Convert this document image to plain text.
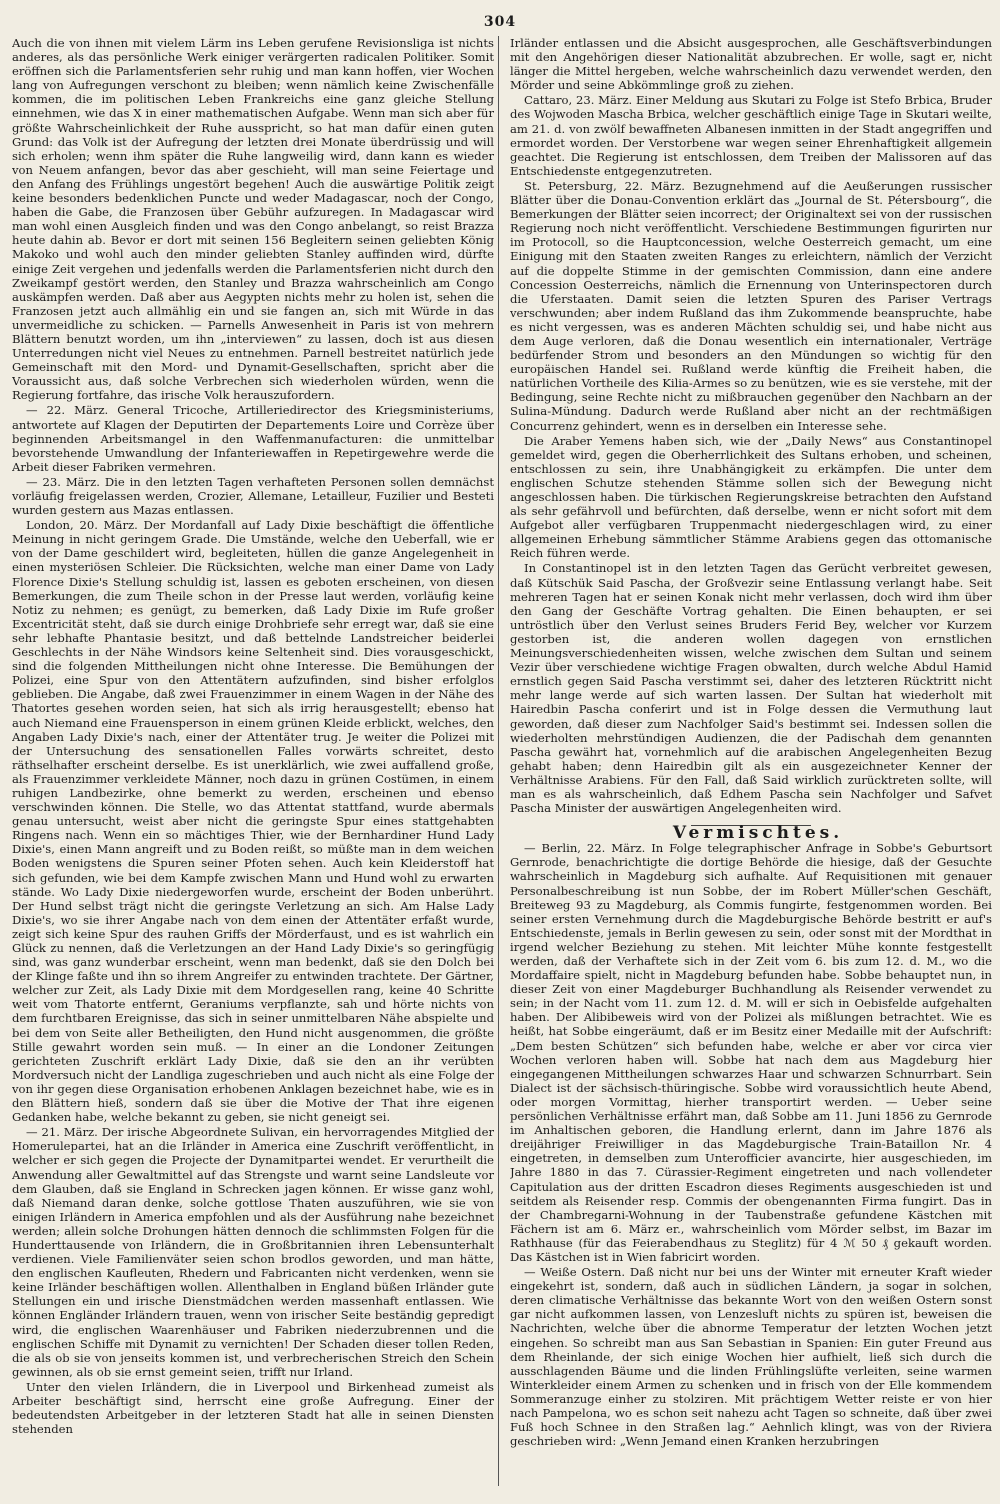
304

Auch die von ihnen mit vielem Lärm ins Leben gerufene Revisionsliga ist nichts anderes, als das persönliche Werk einiger verärgerten radicalen Politiker. Somit eröffnen sich die Parlamentsferien sehr ruhig und man kann hoffen, vier Wochen lang von Aufregungen verschont zu bleiben; wenn nämlich keine Zwischenfälle kommen, die im politischen Leben Frankreichs eine ganz gleiche Stellung einnehmen, wie das X in einer mathematischen Aufgabe. Wenn man sich aber für größte Wahrscheinlichkeit der Ruhe ausspricht, so hat man dafür einen guten Grund: das Volk ist der Aufregung der letzten drei Monate überdrüssig und will sich erholen; wenn ihm später die Ruhe langweilig wird, dann kann es wieder von Neuem anfangen, bevor das aber geschieht, will man seine Feiertage und den Anfang des Frühlings ungestört begehen! Auch die auswärtige Politik zeigt keine besonders bedenklichen Puncte und weder Madagascar, noch der Congo, haben die Gabe, die Franzosen über Gebühr aufzuregen. In Madagascar wird man wohl einen Ausgleich finden und was den Congo anbelangt, so reist Brazza heute dahin ab. Bevor er dort mit seinen 156 Begleitern seinen geliebten König Makoko und wohl auch den minder geliebten Stanley auffinden wird, dürfte einige Zeit vergehen und jedenfalls werden die Parlamentsferien nicht durch den Zweikampf gestört werden, den Stanley und Brazza wahrscheinlich am Congo auskämpfen werden. Daß aber aus Aegypten nichts mehr zu holen ist, sehen die Franzosen jetzt auch allmählig ein und sie fangen an, sich mit Würde in das unvermeidliche zu schicken. — Parnells Anwesenheit in Paris ist von mehrern Blättern benutzt worden, um ihn „interviewen“ zu lassen, doch ist aus diesen Unterredungen nicht viel Neues zu entnehmen. Parnell bestreitet natürlich jede Gemeinschaft mit den Mord- und Dynamit-Gesellschaften, spricht aber die Voraussicht aus, daß solche Verbrechen sich wiederholen würden, wenn die Regierung fortfahre, das irische Volk herauszufordern.

— 22. März. General Tricoche, Artilleriedirector des Kriegsministeriums, antwortete auf Klagen der Deputirten der Departements Loire und Corrèze über beginnenden Arbeitsmangel in den Waffenmanufacturen: die unmittelbar bevorstehende Umwandlung der Infanteriewaffen in Repetirgewehre werde die Arbeit dieser Fabriken vermehren.

— 23. März. Die in den letzten Tagen verhafteten Personen sollen demnächst vorläufig freigelassen werden, Crozier, Allemane, Letailleur, Fuzilier und Besteti wurden gestern aus Mazas entlassen.

London, 20. März. Der Mordanfall auf Lady Dixie beschäftigt die öffentliche Meinung in nicht geringem Grade. Die Umstände, welche den Ueberfall, wie er von der Dame geschildert wird, begleiteten, hüllen die ganze Angelegenheit in einen mysteriösen Schleier. Die Rücksichten, welche man einer Dame von Lady Florence Dixie's Stellung schuldig ist, lassen es geboten erscheinen, von diesen Bemerkungen, die zum Theile schon in der Presse laut werden, vorläufig keine Notiz zu nehmen; es genügt, zu bemerken, daß Lady Dixie im Rufe großer Excentricität steht, daß sie durch einige Drohbriefe sehr erregt war, daß sie eine sehr lebhafte Phantasie besitzt, und daß bettelnde Landstreicher beiderlei Geschlechts in der Nähe Windsors keine Seltenheit sind. Dies vorausgeschickt, sind die folgenden Mittheilungen nicht ohne Interesse. Die Bemühungen der Polizei, eine Spur von den Attentätern aufzufinden, sind bisher erfolglos geblieben. Die Angabe, daß zwei Frauenzimmer in einem Wagen in der Nähe des Thatortes gesehen worden seien, hat sich als irrig herausgestellt; ebenso hat auch Niemand eine Frauensperson in einem grünen Kleide erblickt, welches, den Angaben Lady Dixie's nach, einer der Attentäter trug. Je weiter die Polizei mit der Untersuchung des sensationellen Falles vorwärts schreitet, desto räthselhafter erscheint derselbe. Es ist unerklärlich, wie zwei auffallend große, als Frauenzimmer verkleidete Männer, noch dazu in grünen Costümen, in einem ruhigen Landbezirke, ohne bemerkt zu werden, erscheinen und ebenso verschwinden können. Die Stelle, wo das Attentat stattfand, wurde abermals genau untersucht, weist aber nicht die geringste Spur eines stattgehabten Ringens nach. Wenn ein so mächtiges Thier, wie der Bernhardiner Hund Lady Dixie's, einen Mann angreift und zu Boden reißt, so müßte man in dem weichen Boden wenigstens die Spuren seiner Pfoten sehen. Auch kein Kleiderstoff hat sich gefunden, wie bei dem Kampfe zwischen Mann und Hund wohl zu erwarten stände. Wo Lady Dixie niedergeworfen wurde, erscheint der Boden unberührt. Der Hund selbst trägt nicht die geringste Verletzung an sich. Am Halse Lady Dixie's, wo sie ihrer Angabe nach von dem einen der Attentäter erfaßt wurde, zeigt sich keine Spur des rauhen Griffs der Mörderfaust, und es ist wahrlich ein Glück zu nennen, daß die Verletzungen an der Hand Lady Dixie's so geringfügig sind, was ganz wunderbar erscheint, wenn man bedenkt, daß sie den Dolch bei der Klinge faßte und ihn so ihrem Angreifer zu entwinden trachtete. Der Gärtner, welcher zur Zeit, als Lady Dixie mit dem Mordgesellen rang, keine 40 Schritte weit vom Thatorte entfernt, Geraniums verpflanzte, sah und hörte nichts von dem furchtbaren Ereignisse, das sich in seiner unmittelbaren Nähe abspielte und bei dem von Seite aller Betheiligten, den Hund nicht ausgenommen, die größte Stille gewahrt worden sein muß. — In einer an die Londoner Zeitungen gerichteten Zuschrift erklärt Lady Dixie, daß sie den an ihr verübten Mordversuch nicht der Landliga zugeschrieben und auch nicht als eine Folge der von ihr gegen diese Organisation erhobenen Anklagen bezeichnet habe, wie es in den Blättern hieß, sondern daß sie über die Motive der That ihre eigenen Gedanken habe, welche bekannt zu geben, sie nicht geneigt sei.

— 21. März. Der irische Abgeordnete Sulivan, ein hervorragendes Mitglied der Homerulepartei, hat an die Irländer in America eine Zuschrift veröffentlicht, in welcher er sich gegen die Projecte der Dynamitpartei wendet. Er verurtheilt die Anwendung aller Gewaltmittel auf das Strengste und warnt seine Landsleute vor dem Glauben, daß sie England in Schrecken jagen können. Er wisse ganz wohl, daß Niemand daran denke, solche gottlose Thaten auszuführen, wie sie von einigen Irländern in America empfohlen und als der Ausführung nahe bezeichnet werden; allein solche Drohungen hätten dennoch die schlimmsten Folgen für die Hunderttausende von Irländern, die in Großbritannien ihren Lebensunterhalt verdienen. Viele Familienväter seien schon brodlos geworden, und man hätte, den englischen Kaufleuten, Rhedern und Fabricanten nicht verdenken, wenn sie keine Irländer beschäftigen wollen. Allenthalben in England büßen Irländer gute Stellungen ein und irische Dienstmädchen werden massenhaft entlassen. Wie können Engländer Irländern trauen, wenn von irischer Seite beständig gepredigt wird, die englischen Waarenhäuser und Fabriken niederzubrennen und die englischen Schiffe mit Dynamit zu vernichten! Der Schaden dieser tollen Reden, die als ob sie von jenseits kommen ist, und verbrecherischen Streich den Schein gewinnen, als ob sie ernst gemeint seien, trifft nur Irland.

Unter den vielen Irländern, die in Liverpool und Birkenhead zumeist als Arbeiter beschäftigt sind, herrscht eine große Aufregung. Einer der bedeutendsten Arbeitgeber in der letzteren Stadt hat alle in seinen Diensten stehenden

Irländer entlassen und die Absicht ausgesprochen, alle Geschäftsverbindungen mit den Angehörigen dieser Nationalität abzubrechen. Er wolle, sagt er, nicht länger die Mittel hergeben, welche wahrscheinlich dazu verwendet werden, den Mörder und seine Abkömmlinge groß zu ziehen.

Cattaro, 23. März. Einer Meldung aus Skutari zu Folge ist Stefo Brbica, Bruder des Wojwoden Mascha Brbica, welcher geschäftlich einige Tage in Skutari weilte, am 21. d. von zwölf bewaffneten Albanesen inmitten in der Stadt angegriffen und ermordet worden. Der Verstorbene war wegen seiner Ehrenhaftigkeit allgemein geachtet. Die Regierung ist entschlossen, dem Treiben der Malissoren auf das Entschiedenste entgegenzutreten.

St. Petersburg, 22. März. Bezugnehmend auf die Aeußerungen russischer Blätter über die Donau-Convention erklärt das „Journal de St. Pétersbourg“, die Bemerkungen der Blätter seien incorrect; der Originaltext sei von der russischen Regierung noch nicht veröffentlicht. Verschiedene Bestimmungen figurirten nur im Protocoll, so die Hauptconcession, welche Oesterreich gemacht, um eine Einigung mit den Staaten zweiten Ranges zu erleichtern, nämlich der Verzicht auf die doppelte Stimme in der gemischten Commission, dann eine andere Concession Oesterreichs, nämlich die Ernennung von Unterinspectoren durch die Uferstaaten. Damit seien die letzten Spuren des Pariser Vertrags verschwunden; aber indem Rußland das ihm Zukommende beanspruchte, habe es nicht vergessen, was es anderen Mächten schuldig sei, und habe nicht aus dem Auge verloren, daß die Donau wesentlich ein internationaler, Verträge bedürfender Strom und besonders an den Mündungen so wichtig für den europäischen Handel sei. Rußland werde künftig die Freiheit haben, die natürlichen Vortheile des Kilia-Armes so zu benützen, wie es sie verstehe, mit der Bedingung, seine Rechte nicht zu mißbrauchen gegenüber den Nachbarn an der Sulina-Mündung. Dadurch werde Rußland aber nicht an der rechtmäßigen Concurrenz gehindert, wenn es in derselben ein Interesse sehe.

Die Araber Yemens haben sich, wie der „Daily News“ aus Constantinopel gemeldet wird, gegen die Oberherrlichkeit des Sultans erhoben, und scheinen, entschlossen zu sein, ihre Unabhängigkeit zu erkämpfen. Die unter dem englischen Schutze stehenden Stämme sollen sich der Bewegung nicht angeschlossen haben. Die türkischen Regierungskreise betrachten den Aufstand als sehr gefährvoll und befürchten, daß derselbe, wenn er nicht sofort mit dem Aufgebot aller verfügbaren Truppenmacht niedergeschlagen wird, zu einer allgemeinen Erhebung sämmtlicher Stämme Arabiens gegen das ottomanische Reich führen werde.

In Constantinopel ist in den letzten Tagen das Gerücht verbreitet gewesen, daß Kütschük Said Pascha, der Großvezir seine Entlassung verlangt habe. Seit mehreren Tagen hat er seinen Konak nicht mehr verlassen, doch wird ihm über den Gang der Geschäfte Vortrag gehalten. Die Einen behaupten, er sei untröstlich über den Verlust seines Bruders Ferid Bey, welcher vor Kurzem gestorben ist, die anderen wollen dagegen von ernstlichen Meinungsverschiedenheiten wissen, welche zwischen dem Sultan und seinem Vezir über verschiedene wichtige Fragen obwalten, durch welche Abdul Hamid ernstlich gegen Said Pascha verstimmt sei, daher des letzteren Rücktritt nicht mehr lange werde auf sich warten lassen. Der Sultan hat wiederholt mit Hairedbin Pascha conferirt und ist in Folge dessen die Vermuthung laut geworden, daß dieser zum Nachfolger Said's bestimmt sei. Indessen sollen die wiederholten mehrstündigen Audienzen, die der Padischah dem genannten Pascha gewährt hat, vornehmlich auf die arabischen Angelegenheiten Bezug gehabt haben; denn Hairedbin gilt als ein ausgezeichneter Kenner der Verhältnisse Arabiens. Für den Fall, daß Said wirklich zurücktreten sollte, will man es als wahrscheinlich, daß Edhem Pascha sein Nachfolger und Safvet Pascha Minister der auswärtigen Angelegenheiten wird.

Vermischtes.

— Berlin, 22. März. In Folge telegraphischer Anfrage in Sobbe's Geburtsort Gernrode, benachrichtigte die dortige Behörde die hiesige, daß der Gesuchte wahrscheinlich in Magdeburg sich aufhalte. Auf Requisitionen mit genauer Personalbeschreibung ist nun Sobbe, der im Robert Müller'schen Geschäft, Breiteweg 93 zu Magdeburg, als Commis fungirte, festgenommen worden. Bei seiner ersten Vernehmung durch die Magdeburgische Behörde bestritt er auf's Entschiedenste, jemals in Berlin gewesen zu sein, oder sonst mit der Mordthat in irgend welcher Beziehung zu stehen. Mit leichter Mühe konnte festgestellt werden, daß der Verhaftete sich in der Zeit vom 6. bis zum 12. d. M., wo die Mordaffaire spielt, nicht in Magdeburg befunden habe. Sobbe behauptet nun, in dieser Zeit von einer Magdeburger Buchhandlung als Reisender verwendet zu sein; in der Nacht vom 11. zum 12. d. M. will er sich in Oebisfelde aufgehalten haben. Der Alibibeweis wird von der Polizei als mißlungen betrachtet. Wie es heißt, hat Sobbe eingeräumt, daß er im Besitz einer Medaille mit der Aufschrift: „Dem besten Schützen“ sich befunden habe, welche er aber vor circa vier Wochen verloren haben will. Sobbe hat nach dem aus Magdeburg hier eingegangenen Mittheilungen schwarzes Haar und schwarzen Schnurrbart. Sein Dialect ist der sächsisch-thüringische. Sobbe wird voraussichtlich heute Abend, oder morgen Vormittag, hierher transportirt werden. — Ueber seine persönlichen Verhältnisse erfährt man, daß Sobbe am 11. Juni 1856 zu Gernrode im Anhaltischen geboren, die Handlung erlernt, dann im Jahre 1876 als dreijähriger Freiwilliger in das Magdeburgische Train-Bataillon Nr. 4 eingetreten, in demselben zum Unterofficier avancirte, hier ausgeschieden, im Jahre 1880 in das 7. Cürassier-Regiment eingetreten und nach vollendeter Capitulation aus der dritten Escadron dieses Regiments ausgeschieden ist und seitdem als Reisender resp. Commis der obengenannten Firma fungirt. Das in der Chambregarni-Wohnung in der Taubenstraße gefundene Kästchen mit Fächern ist am 6. März er., wahrscheinlich vom Mörder selbst, im Bazar im Rathhause (für das Feierabendhaus zu Steglitz) für 4 ℳ 50 ₰ gekauft worden. Das Kästchen ist in Wien fabricirt worden.

— Weiße Ostern. Daß nicht nur bei uns der Winter mit erneuter Kraft wieder eingekehrt ist, sondern, daß auch in südlichen Ländern, ja sogar in solchen, deren climatische Verhältnisse das bekannte Wort von den weißen Ostern sonst gar nicht aufkommen lassen, von Lenzesluft nichts zu spüren ist, beweisen die Nachrichten, welche über die abnorme Temperatur der letzten Wochen jetzt eingehen. So schreibt man aus San Sebastian in Spanien: Ein guter Freund aus dem Rheinlande, der sich einige Wochen hier aufhielt, ließ sich durch die ausschlagenden Bäume und die linden Frühlingslüfte verleiten, seine warmen Winterkleider einem Armen zu schenken und in frisch von der Elle kommendem Sommeranzuge einher zu stolziren. Mit prächtigem Wetter reiste er von hier nach Pampelona, wo es schon seit nahezu acht Tagen so schneite, daß über zwei Fuß hoch Schnee in den Straßen lag.“ Aehnlich klingt, was von der Riviera geschrieben wird: „Wenn Jemand einen Kranken herzubringen
